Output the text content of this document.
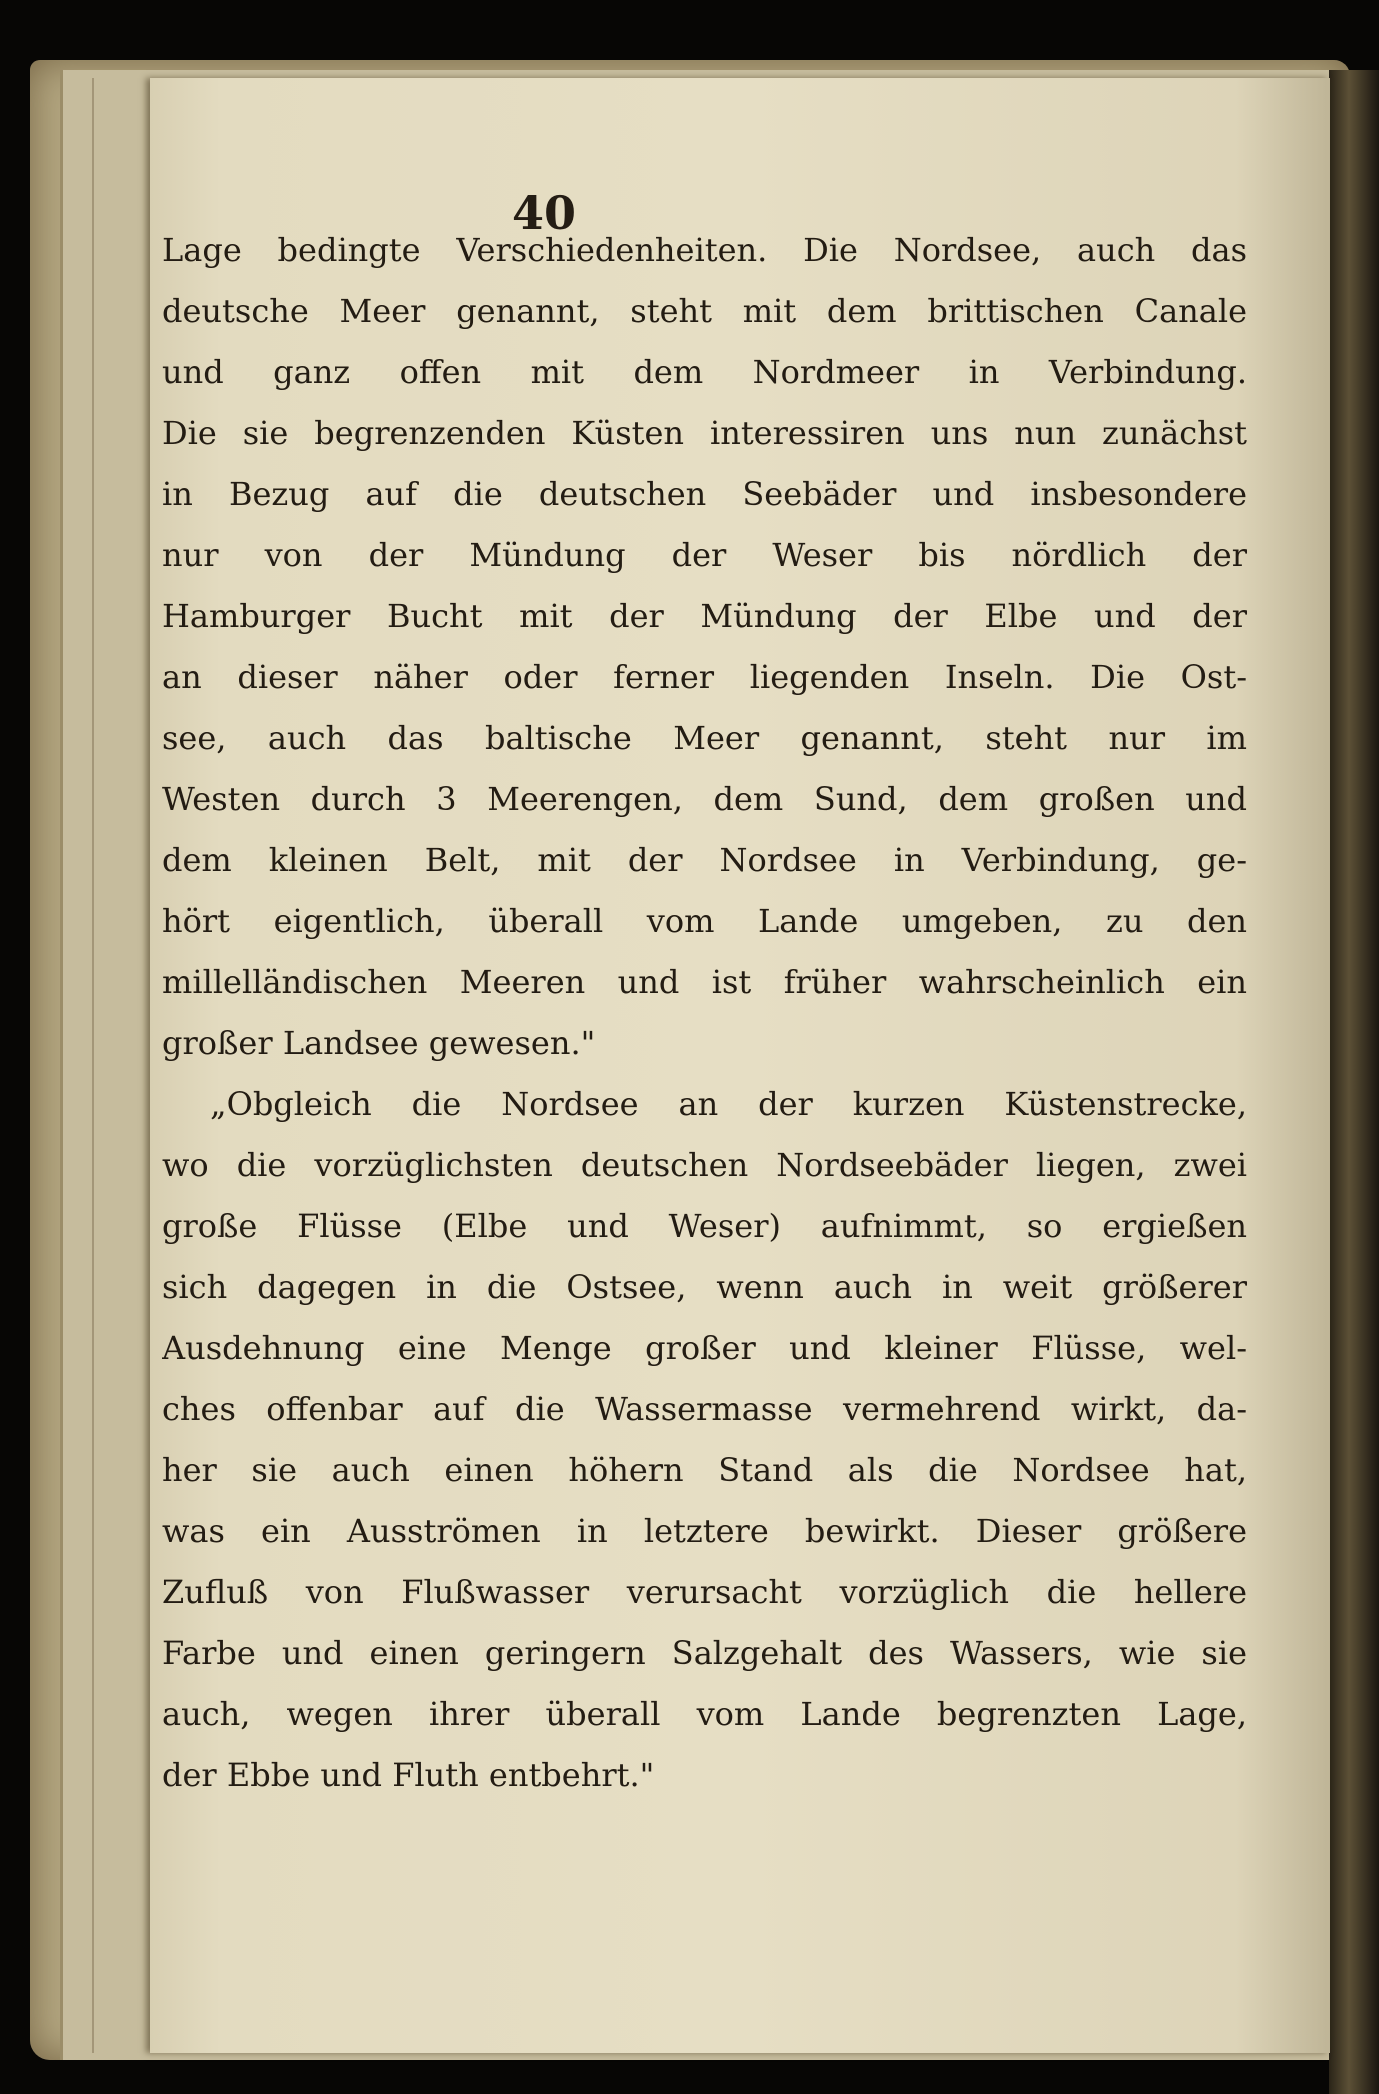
40
Lage bedingte Verschiedenheiten. Die Nordsee, auch das
deutsche Meer genannt, steht mit dem brittischen Canale
und ganz offen mit dem Nordmeer in Verbindung.
Die sie begrenzenden Küsten interessiren uns nun zunächst
in Bezug auf die deutschen Seebäder und insbesondere
nur von der Mündung der Weser bis nördlich der
Hamburger Bucht mit der Mündung der Elbe und der
an dieser näher oder ferner liegenden Inseln. Die Ost-
see, auch das baltische Meer genannt, steht nur im
Westen durch 3 Meerengen, dem Sund, dem großen und
dem kleinen Belt, mit der Nordsee in Verbindung, ge-
hört eigentlich, überall vom Lande umgeben, zu den
millelländischen Meeren und ist früher wahrscheinlich ein
großer Landsee gewesen."
„Obgleich die Nordsee an der kurzen Küstenstrecke,
wo die vorzüglichsten deutschen Nordseebäder liegen, zwei
große Flüsse (Elbe und Weser) aufnimmt, so ergießen
sich dagegen in die Ostsee, wenn auch in weit größerer
Ausdehnung eine Menge großer und kleiner Flüsse, wel-
ches offenbar auf die Wassermasse vermehrend wirkt, da-
her sie auch einen höhern Stand als die Nordsee hat,
was ein Ausströmen in letztere bewirkt. Dieser größere
Zufluß von Flußwasser verursacht vorzüglich die hellere
Farbe und einen geringern Salzgehalt des Wassers, wie sie
auch, wegen ihrer überall vom Lande begrenzten Lage,
der Ebbe und Fluth entbehrt."
